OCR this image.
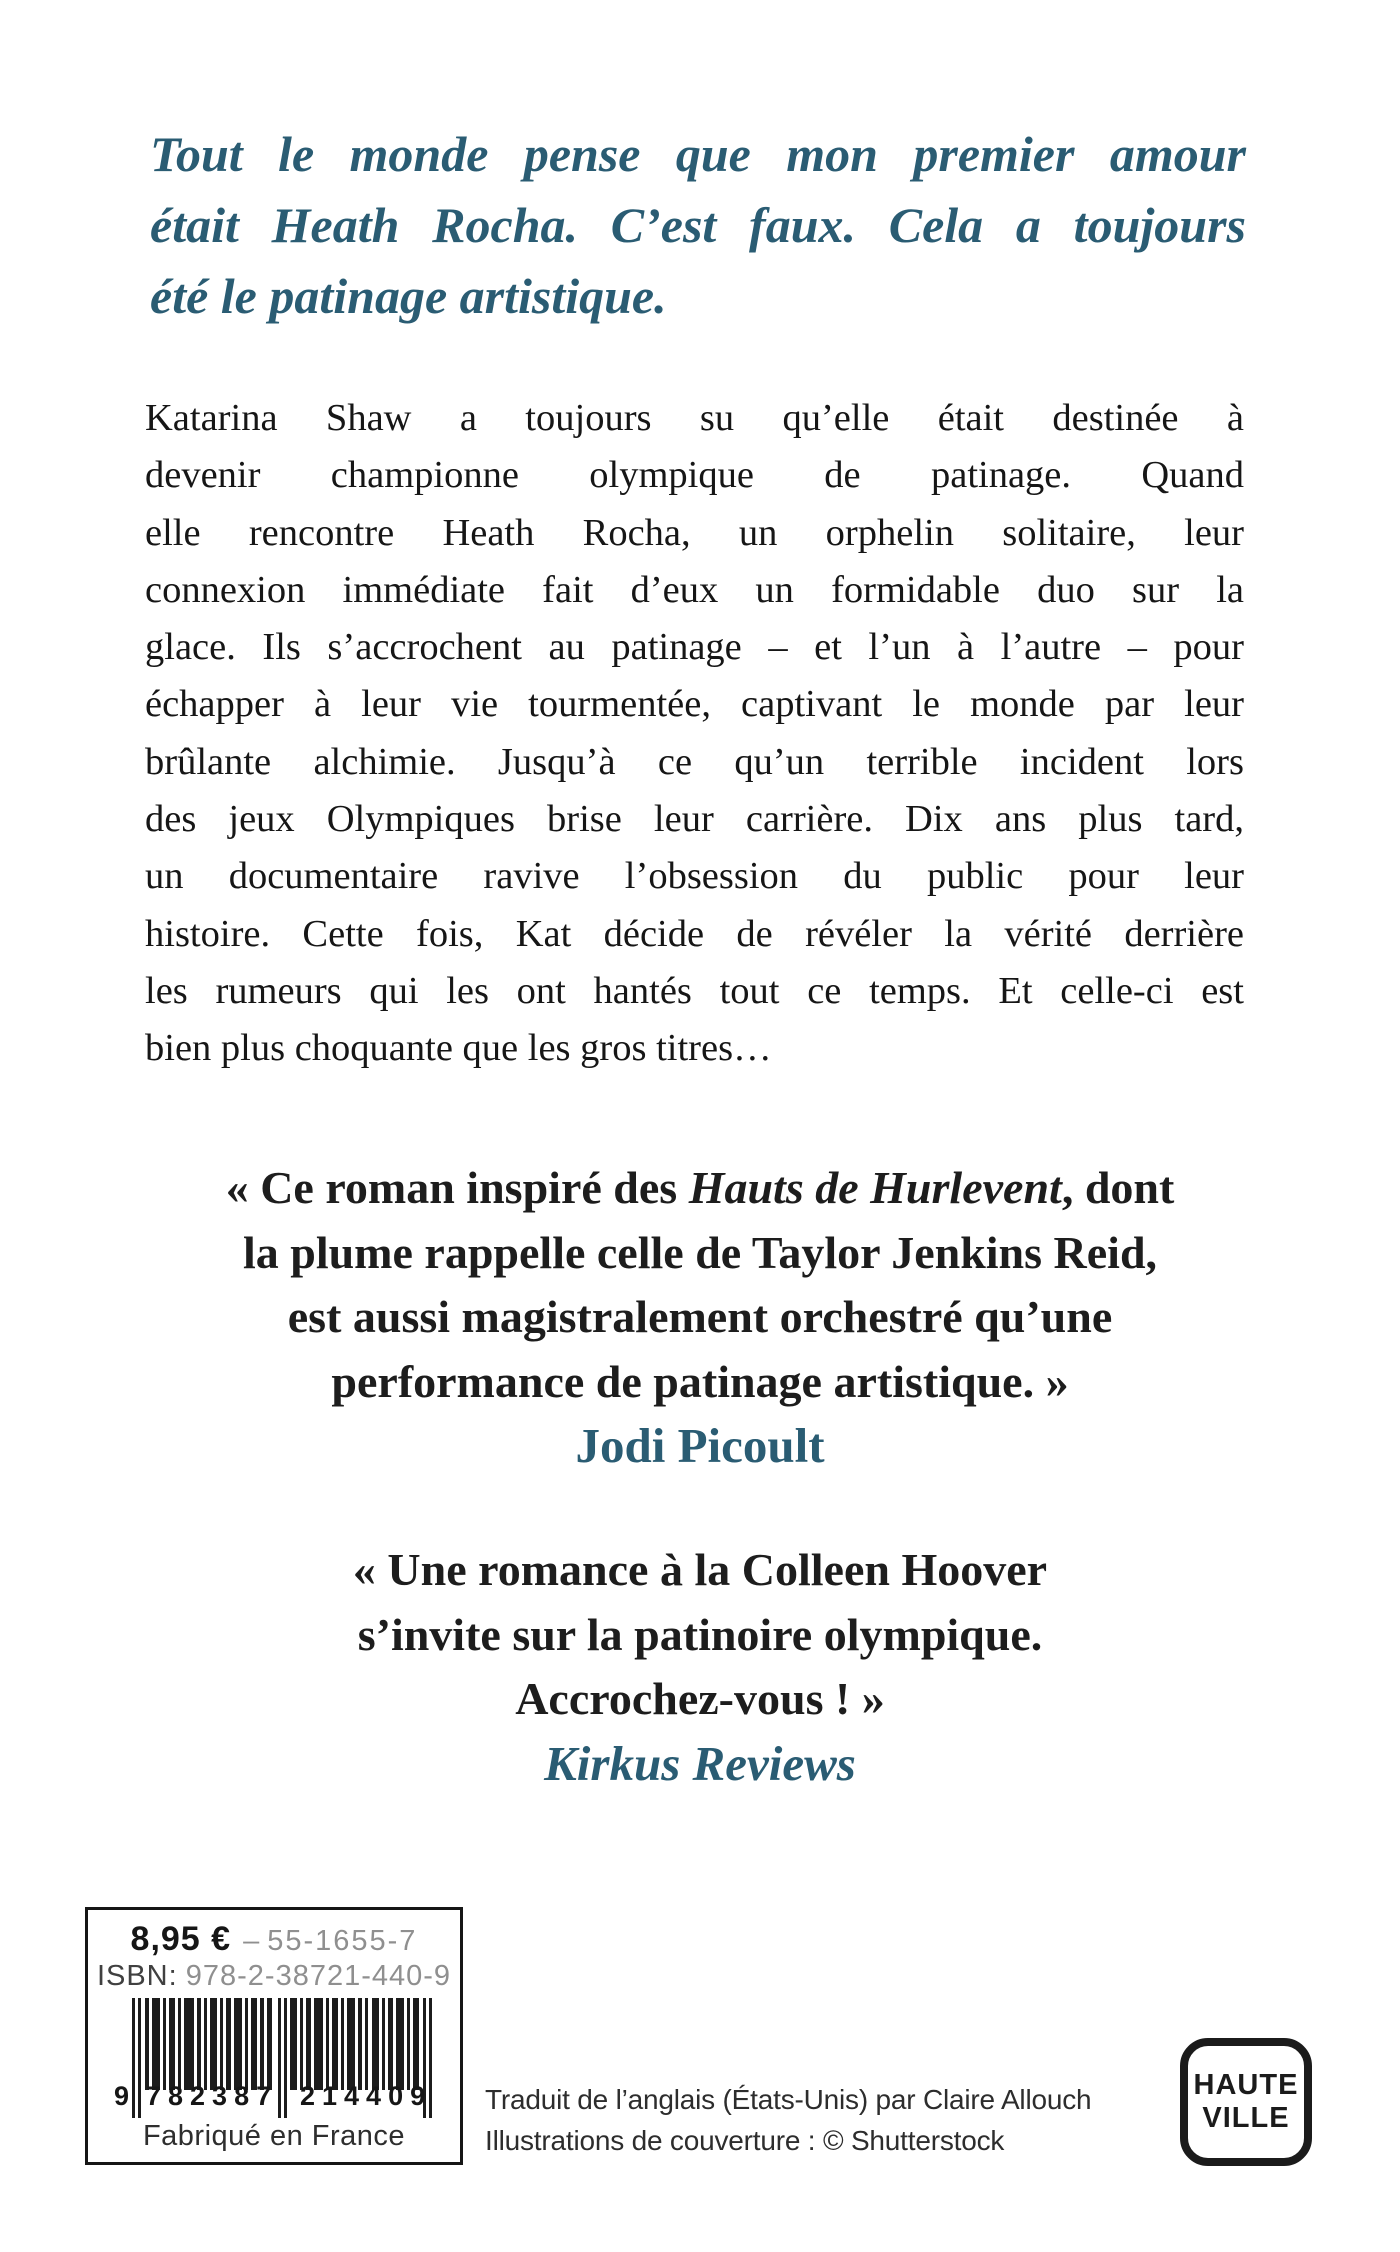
Tout le monde pense que mon premier amour
était Heath Rocha. C’est faux. Cela a toujours
été le patinage artistique.
Katarina Shaw a toujours su qu’elle était destinée à
devenir championne olympique de patinage. Quand
elle rencontre Heath Rocha, un orphelin solitaire, leur
connexion immédiate fait d’eux un formidable duo sur la
glace. Ils s’accrochent au patinage – et l’un à l’autre – pour
échapper à leur vie tourmentée, captivant le monde par leur
brûlante alchimie. Jusqu’à ce qu’un terrible incident lors
des jeux Olympiques brise leur carrière. Dix ans plus tard,
un documentaire ravive l’obsession du public pour leur
histoire. Cette fois, Kat décide de révéler la vérité derrière
les rumeurs qui les ont hantés tout ce temps. Et celle-ci est
bien plus choquante que les gros titres…
« Ce roman inspiré des Hauts de Hurlevent, dont
la plume rappelle celle de Taylor Jenkins Reid,
est aussi magistralement orchestré qu’une
performance de patinage artistique. »
Jodi Picoult
« Une romance à la Colleen Hoover
s’invite sur la patinoire olympique.
Accrochez-vous ! »
Kirkus Reviews
8,95 € – 55-1655-7
ISBN: 978-2-38721-440-9
9 782387 214409
Fabriqué en France
Traduit de l’anglais (États-Unis) par Claire Allouch
Illustrations de couverture : © Shutterstock
HAUTE
VILLE
